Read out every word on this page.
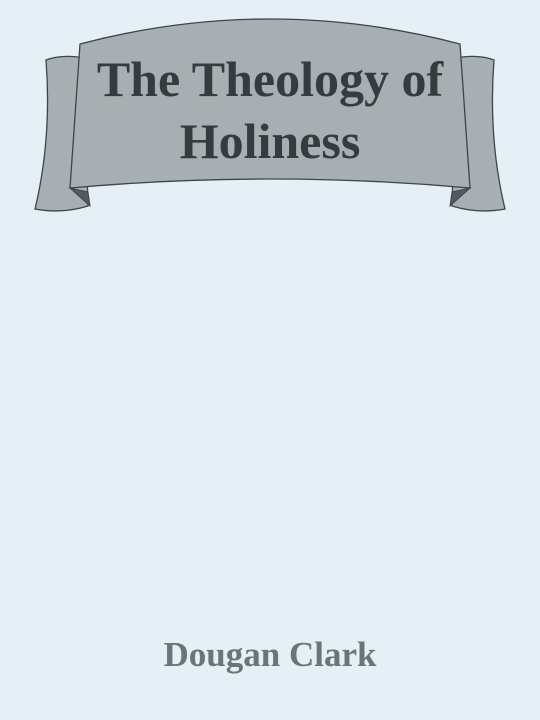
The Theology of Holiness

Dougan Clark
